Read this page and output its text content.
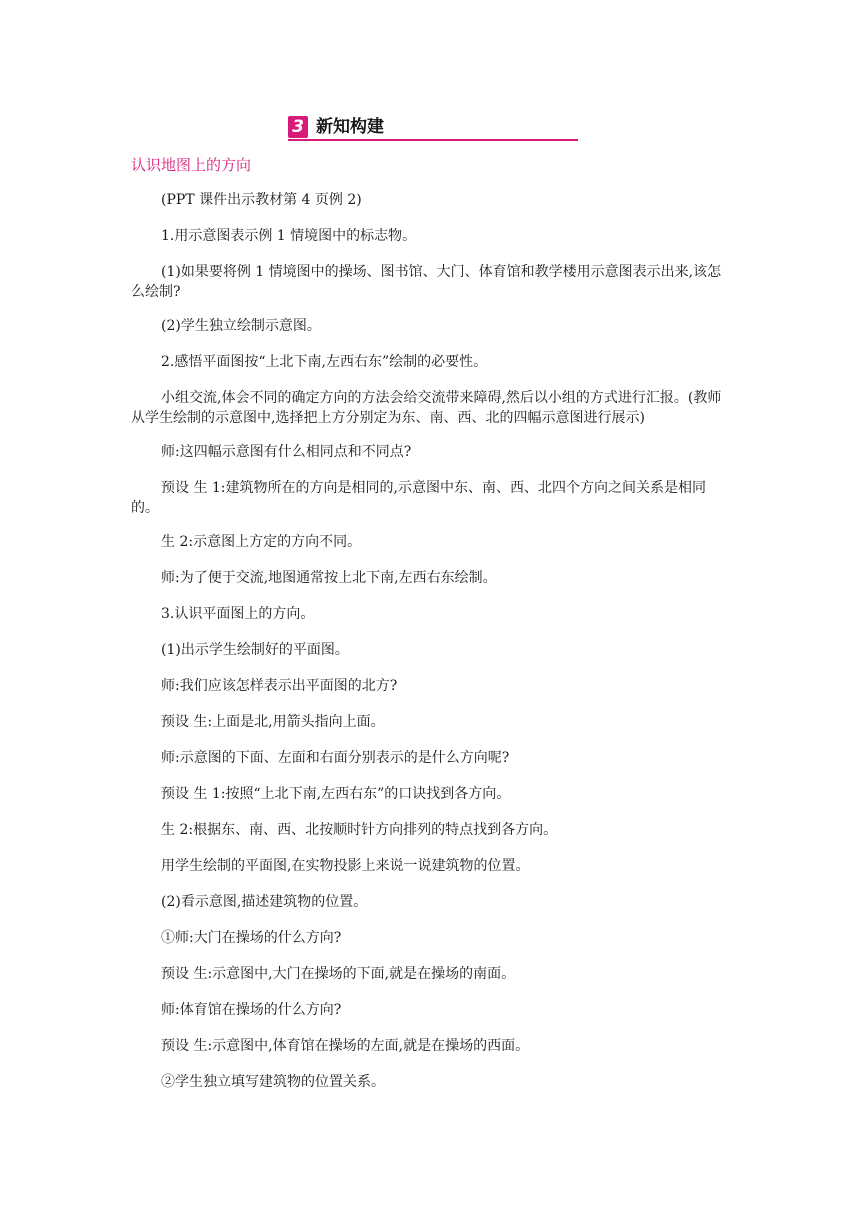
3 新知构建
认识地图上的方向

(PPT 课件出示教材第 4 页例 2)

1.用示意图表示例 1 情境图中的标志物。

(1)如果要将例 1 情境图中的操场、图书馆、大门、体育馆和教学楼用示意图表示出来,该怎么绘制?

(2)学生独立绘制示意图。

2.感悟平面图按“上北下南,左西右东”绘制的必要性。

小组交流,体会不同的确定方向的方法会给交流带来障碍,然后以小组的方式进行汇报。(教师从学生绘制的示意图中,选择把上方分别定为东、南、西、北的四幅示意图进行展示)

师:这四幅示意图有什么相同点和不同点?

预设 生 1:建筑物所在的方向是相同的,示意图中东、南、西、北四个方向之间关系是相同的。

生 2:示意图上方定的方向不同。

师:为了便于交流,地图通常按上北下南,左西右东绘制。

3.认识平面图上的方向。

(1)出示学生绘制好的平面图。

师:我们应该怎样表示出平面图的北方?

预设 生:上面是北,用箭头指向上面。

师:示意图的下面、左面和右面分别表示的是什么方向呢?

预设 生 1:按照“上北下南,左西右东”的口诀找到各方向。

生 2:根据东、南、西、北按顺时针方向排列的特点找到各方向。

用学生绘制的平面图,在实物投影上来说一说建筑物的位置。

(2)看示意图,描述建筑物的位置。

①师:大门在操场的什么方向?

预设 生:示意图中,大门在操场的下面,就是在操场的南面。

师:体育馆在操场的什么方向?

预设 生:示意图中,体育馆在操场的左面,就是在操场的西面。

②学生独立填写建筑物的位置关系。
